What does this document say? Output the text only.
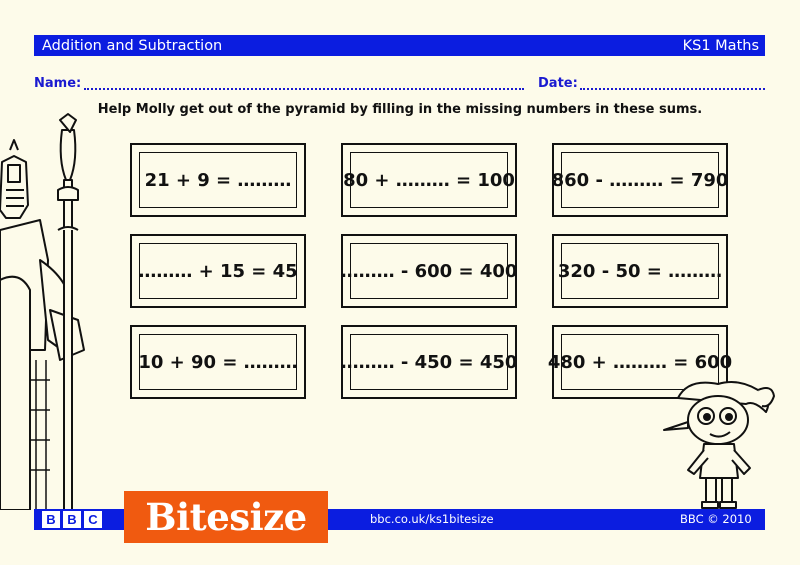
Addition and Subtraction	KS1 Maths
Name:	Date:
Help Molly get out of the pyramid by filling in the missing numbers in these sums.
21 + 9 = ………	80 + ……… = 100 860 - ……… = 790
……… + 15 = 45 ……… - 600 = 400 320 - 50 = ………
10 + 90 = ……… ……… - 450 = 450 480 + ……… = 600
B B C	Bitesize	bbc.co.uk/ks1bitesize	BBC © 2010
